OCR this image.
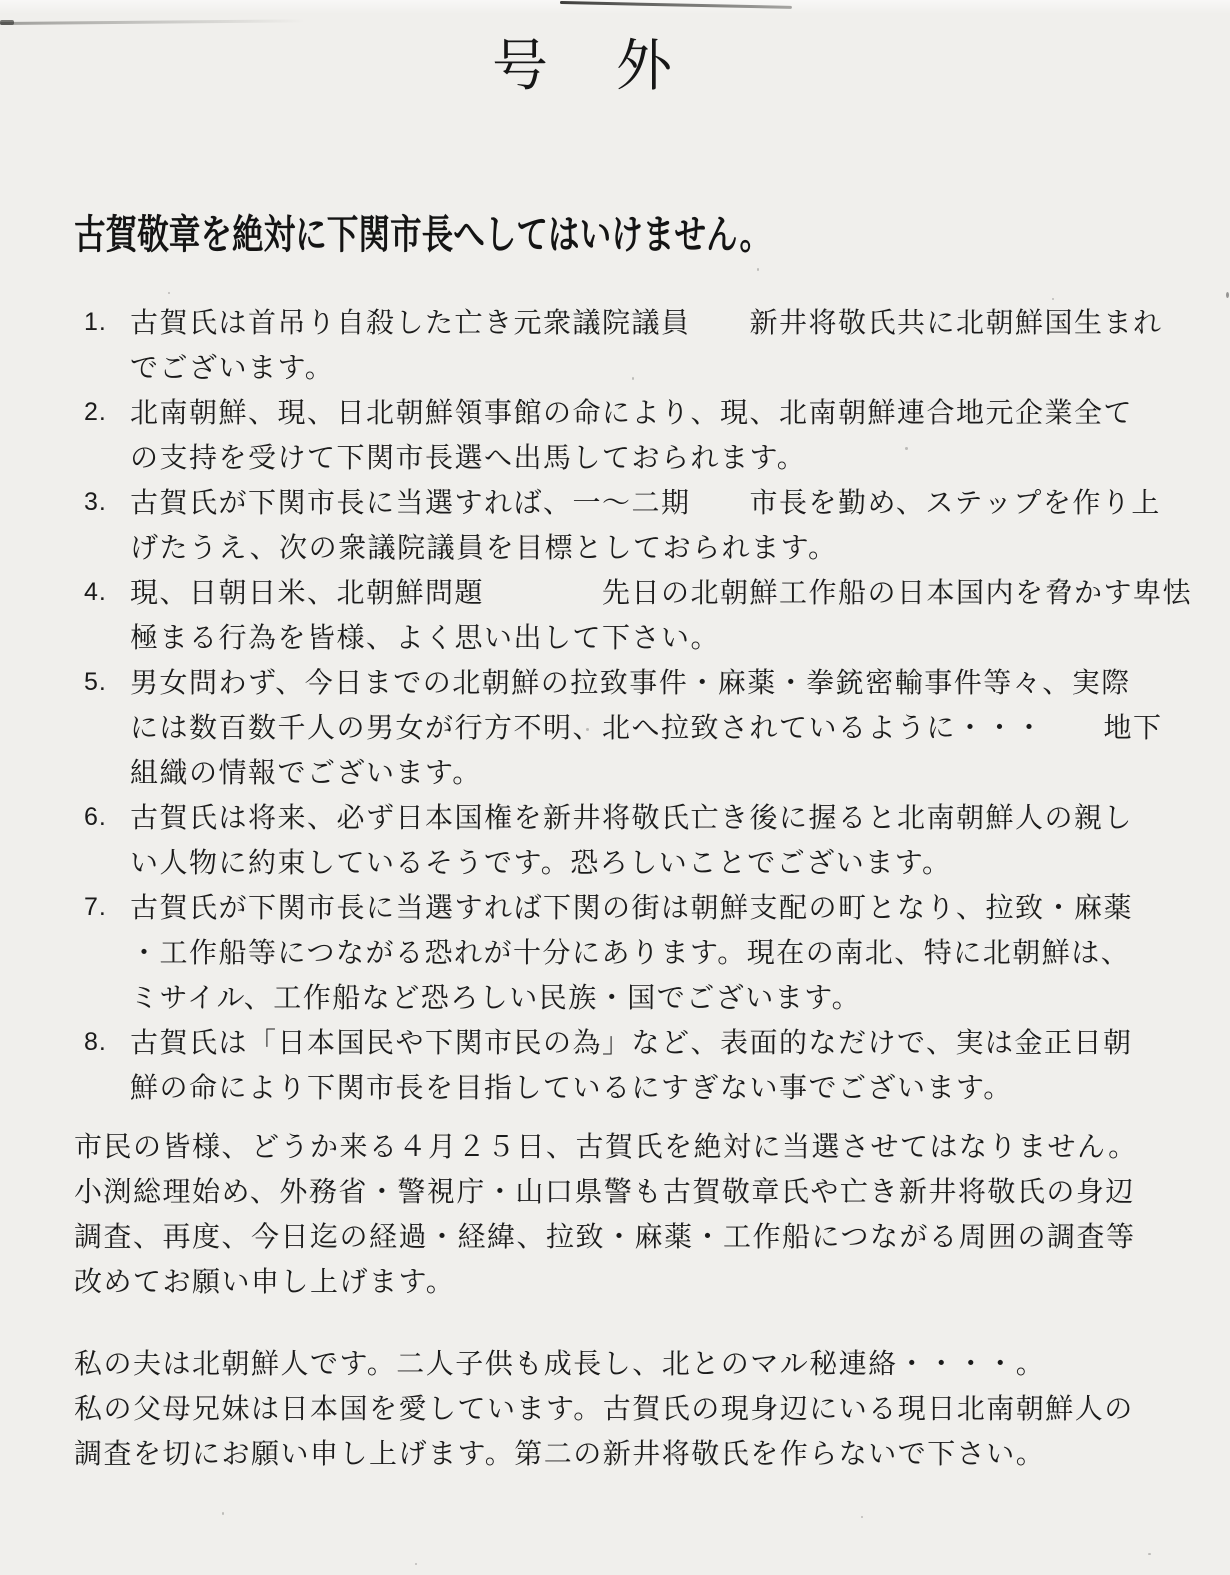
号　外
古賀敬章を絶対に下関市長へしてはいけません。
1. 古賀氏は首吊り自殺した亡き元衆議院議員　　新井将敬氏共に北朝鮮国生まれ
でございます。
2. 北南朝鮮、現、日北朝鮮領事館の命により、現、北南朝鮮連合地元企業全て
の支持を受けて下関市長選へ出馬しておられます。
3. 古賀氏が下関市長に当選すれば、一〜二期　　市長を勤め、ステップを作り上
げたうえ、次の衆議院議員を目標としておられます。
4. 現、日朝日米、北朝鮮問題　　　　先日の北朝鮮工作船の日本国内を脅かす卑怯
極まる行為を皆様、よく思い出して下さい。
5. 男女問わず、今日までの北朝鮮の拉致事件・麻薬・拳銃密輸事件等々、実際
には数百数千人の男女が行方不明、北へ拉致されているように・・・　　地下
組織の情報でございます。
6. 古賀氏は将来、必ず日本国権を新井将敬氏亡き後に握ると北南朝鮮人の親し
い人物に約束しているそうです。恐ろしいことでございます。
7. 古賀氏が下関市長に当選すれば下関の街は朝鮮支配の町となり、拉致・麻薬
・工作船等につながる恐れが十分にあります。現在の南北、特に北朝鮮は、
ミサイル、工作船など恐ろしい民族・国でございます。
8. 古賀氏は「日本国民や下関市民の為」など、表面的なだけで、実は金正日朝
鮮の命により下関市長を目指しているにすぎない事でございます。
市民の皆様、どうか来る４月２５日、古賀氏を絶対に当選させてはなりません。
小渕総理始め、外務省・警視庁・山口県警も古賀敬章氏や亡き新井将敬氏の身辺
調査、再度、今日迄の経過・経緯、拉致・麻薬・工作船につながる周囲の調査等
改めてお願い申し上げます。
私の夫は北朝鮮人です。二人子供も成長し、北とのマル秘連絡・・・・。
私の父母兄妹は日本国を愛しています。古賀氏の現身辺にいる現日北南朝鮮人の
調査を切にお願い申し上げます。第二の新井将敬氏を作らないで下さい。
